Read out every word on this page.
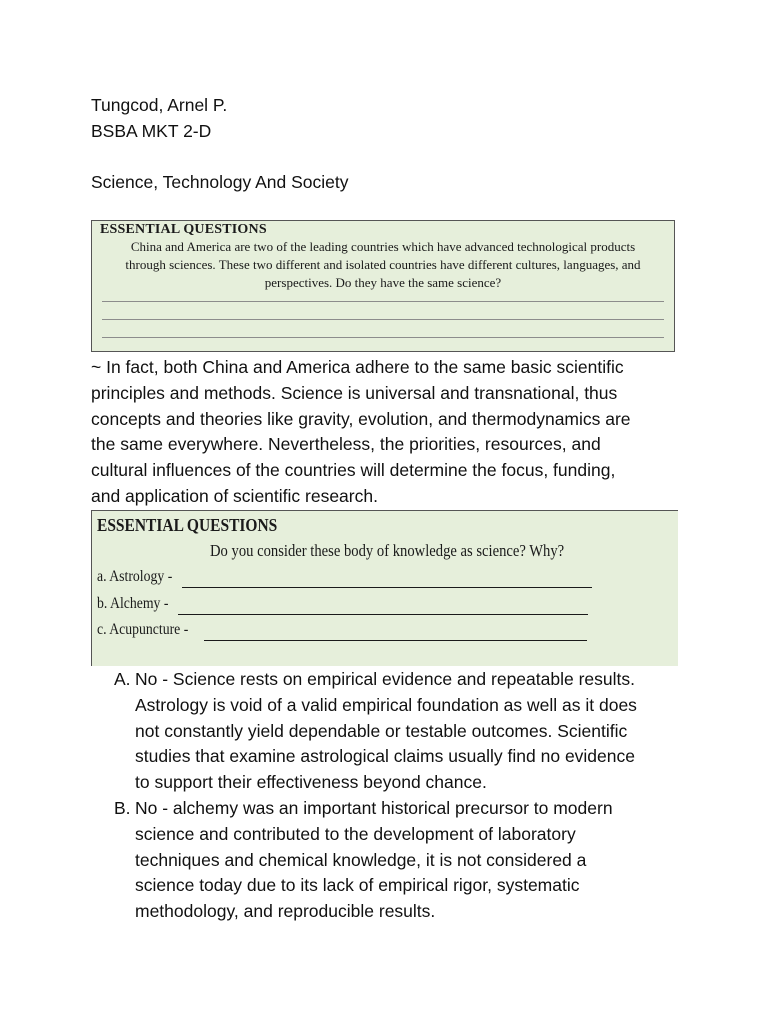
Tungcod, Arnel P.
BSBA MKT 2-D
Science, Technology And Society
ESSENTIAL QUESTIONS
China and America are two of the leading countries which have advanced technological products
through sciences. These two different and isolated countries have different cultures, languages, and
perspectives. Do they have the same science?
~ In fact, both China and America adhere to the same basic scientific
principles and methods. Science is universal and transnational, thus
concepts and theories like gravity, evolution, and thermodynamics are
the same everywhere. Nevertheless, the priorities, resources, and
cultural influences of the countries will determine the focus, funding,
and application of scientific research.
ESSENTIAL QUESTIONS
Do you consider these body of knowledge as science? Why?
a. Astrology -
b. Alchemy -
c. Acupuncture -
A. No - Science rests on empirical evidence and repeatable results.
Astrology is void of a valid empirical foundation as well as it does
not constantly yield dependable or testable outcomes. Scientific
studies that examine astrological claims usually find no evidence
to support their effectiveness beyond chance.
B. No - alchemy was an important historical precursor to modern
science and contributed to the development of laboratory
techniques and chemical knowledge, it is not considered a
science today due to its lack of empirical rigor, systematic
methodology, and reproducible results.
